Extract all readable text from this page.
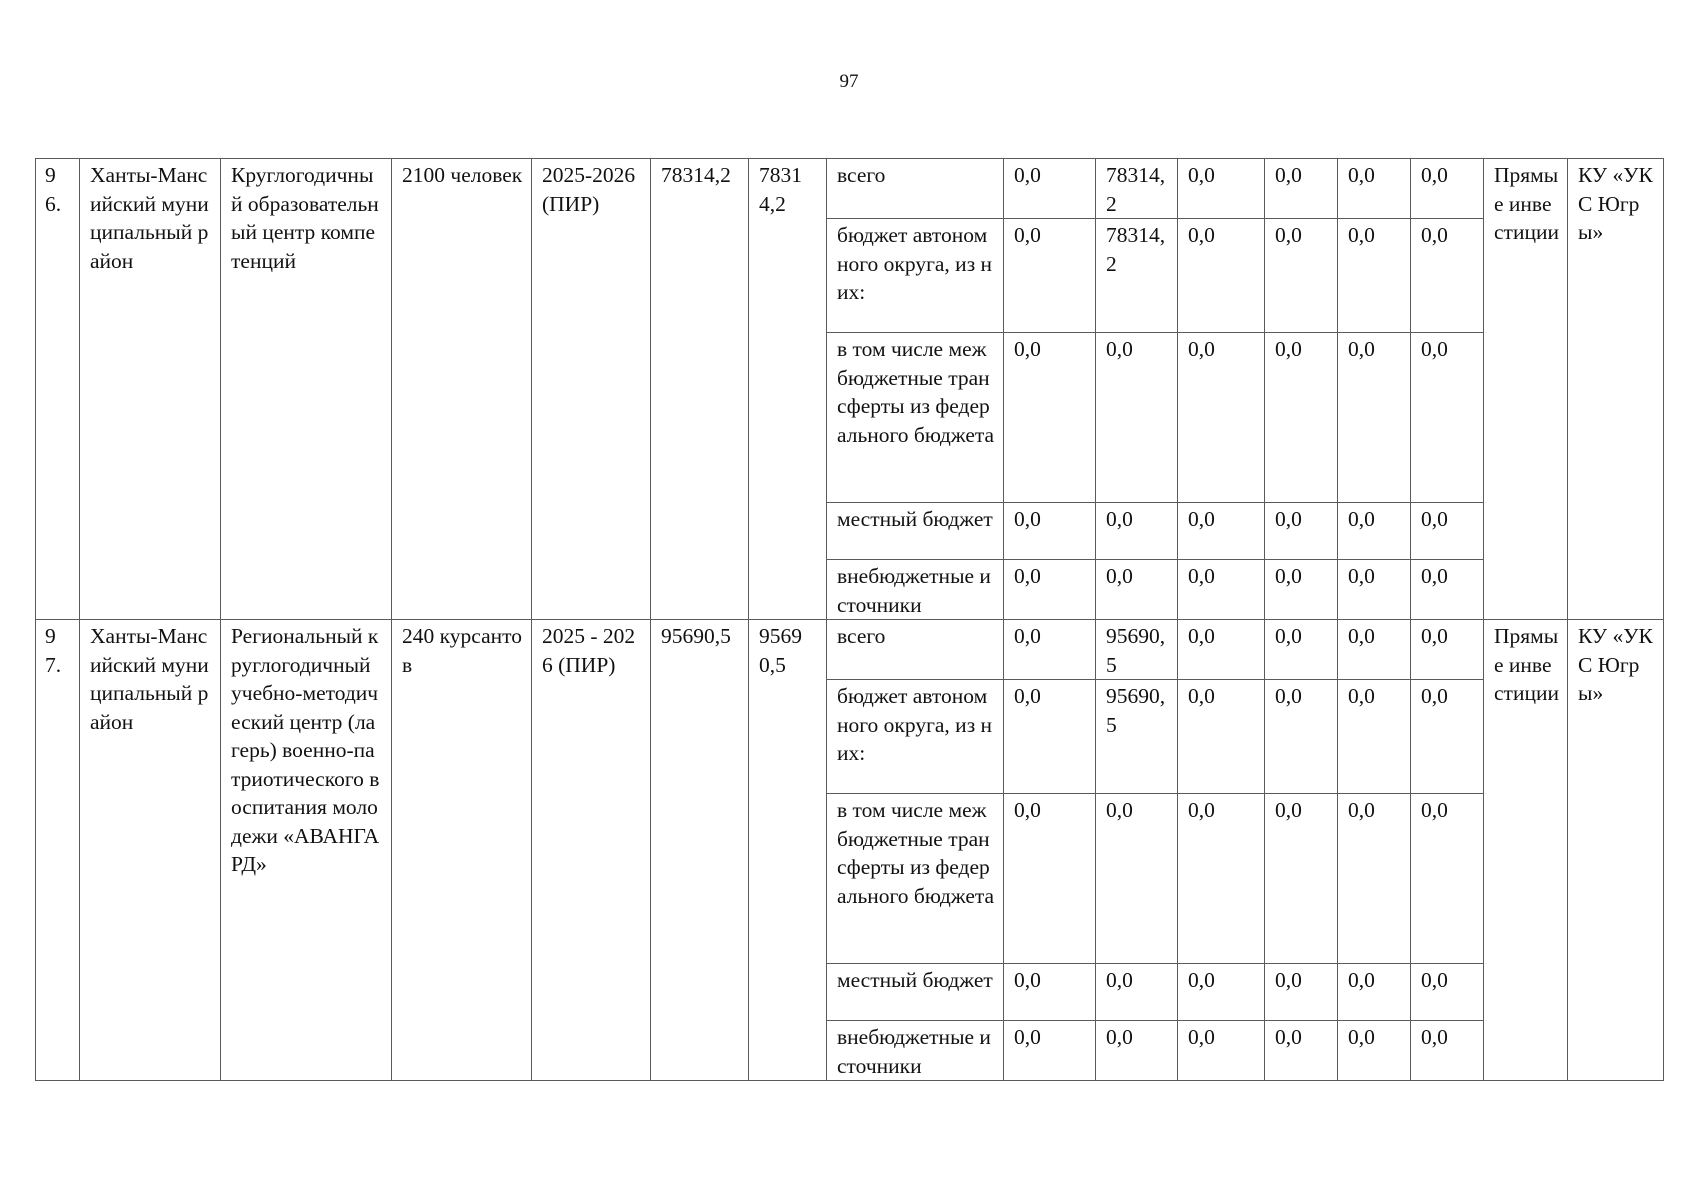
97
96.	Ханты-Мансийский муниципальный район	Круглогодичный образовательный центр компетенций	2100 человек	2025-2026 (ПИР)	78314,2	78314,2	всего	0,0	78314,2	0,0	0,0	0,0	0,0	Прямые инвестиции	КУ «УКС Югры»
							бюджет автономного округа, из них:	0,0	78314,2	0,0	0,0	0,0	0,0		
							в том числе межбюджетные трансферты из федерального бюджета	0,0	0,0	0,0	0,0	0,0	0,0		
							местный бюджет	0,0	0,0	0,0	0,0	0,0	0,0		
							внебюджетные источники	0,0	0,0	0,0	0,0	0,0	0,0		
97.	Ханты-Мансийский муниципальный район	Региональный круглогодичный учебно-методический центр (лагерь) военно-патриотического воспитания молодежи «АВАНГАРД»	240 курсантов	2025 - 2026 (ПИР)	95690,5	95690,5	всего	0,0	95690,5	0,0	0,0	0,0	0,0	Прямые инвестиции	КУ «УКС Югры»
							бюджет автономного округа, из них:	0,0	95690,5	0,0	0,0	0,0	0,0		
							в том числе межбюджетные трансферты из федерального бюджета	0,0	0,0	0,0	0,0	0,0	0,0		
							местный бюджет	0,0	0,0	0,0	0,0	0,0	0,0		
							внебюджетные источники	0,0	0,0	0,0	0,0	0,0	0,0		
